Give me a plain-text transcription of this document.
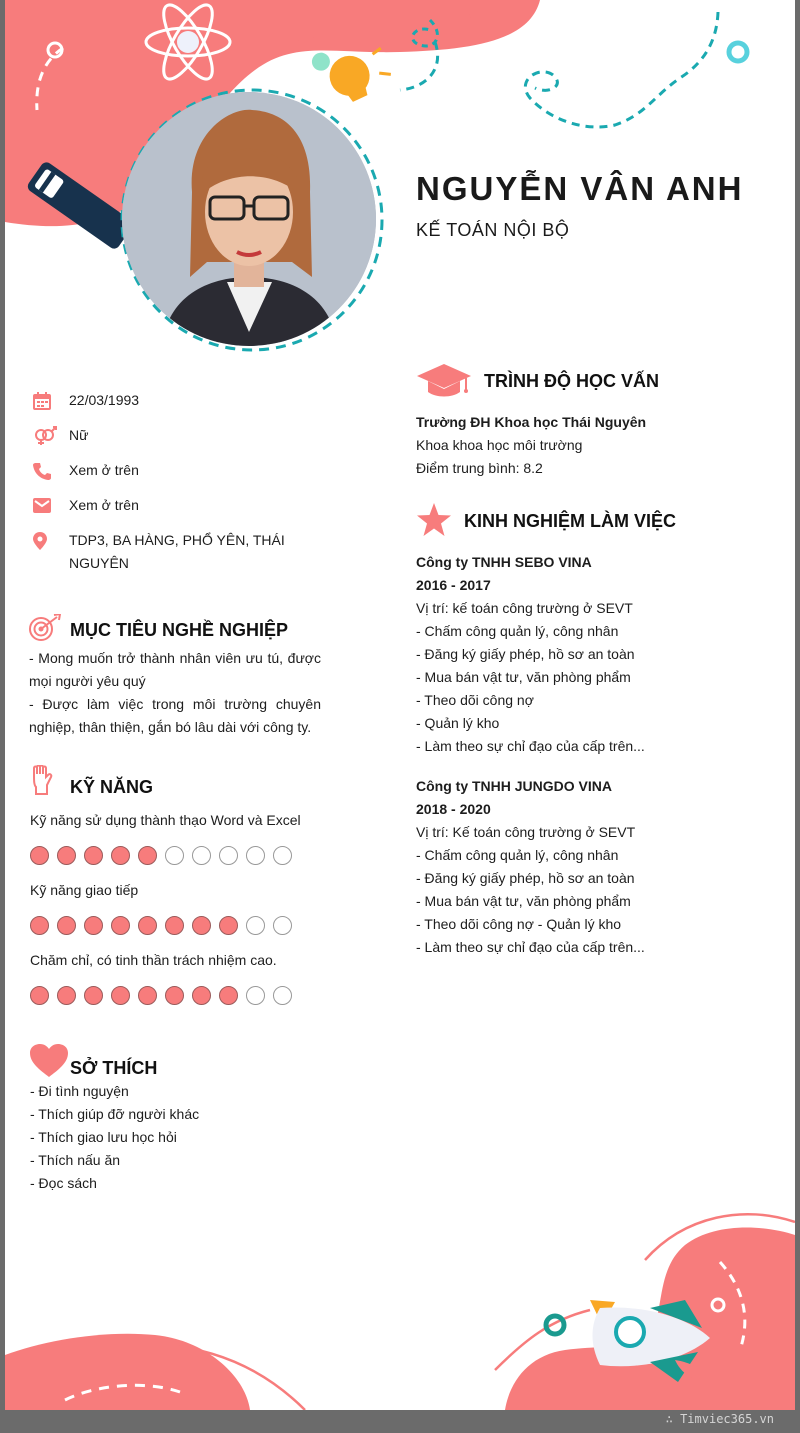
NGUYỄN VÂN ANH
KẾ TOÁN NỘI BỘ
22/03/1993
Nữ
Xem ở trên
Xem ở trên
TDP3, BA HÀNG, PHỔ YÊN, THÁI
NGUYÊN
MỤC TIÊU NGHỀ NGHIỆP
- Mong muốn trở thành nhân viên ưu tú, được mọi người yêu quý
- Được làm việc trong môi trường chuyên nghiệp, thân thiện, gắn bó lâu dài với công ty.
KỸ NĂNG
Kỹ năng sử dụng thành thạo Word và Excel
Kỹ năng giao tiếp
Chăm chỉ, có tinh thần trách nhiệm cao.
SỞ THÍCH
- Đi tình nguyện
- Thích giúp đỡ người khác
- Thích giao lưu học hỏi
- Thích nấu ăn
- Đọc sách
TRÌNH ĐỘ HỌC VẤN
Trường ĐH Khoa học Thái Nguyên
Khoa khoa học môi trường
Điểm trung bình: 8.2
KINH NGHIỆM LÀM VIỆC
Công ty TNHH SEBO VINA
2016 - 2017
Vị trí: kế toán công trường ở SEVT
- Chấm công quản lý, công nhân
- Đăng ký giấy phép, hồ sơ an toàn
- Mua bán vật tư, văn phòng phẩm
- Theo dõi công nợ
- Quản lý kho
- Làm theo sự chỉ đạo của cấp trên...
Công ty TNHH JUNGDO VINA
2018 - 2020
Vị trí: Kế toán công trường ở SEVT
- Chấm công quản lý, công nhân
- Đăng ký giấy phép, hồ sơ an toàn
- Mua bán vật tư, văn phòng phẩm
- Theo dõi công nợ - Quản lý kho
- Làm theo sự chỉ đạo của cấp trên...
∴ Timviec365.vn
